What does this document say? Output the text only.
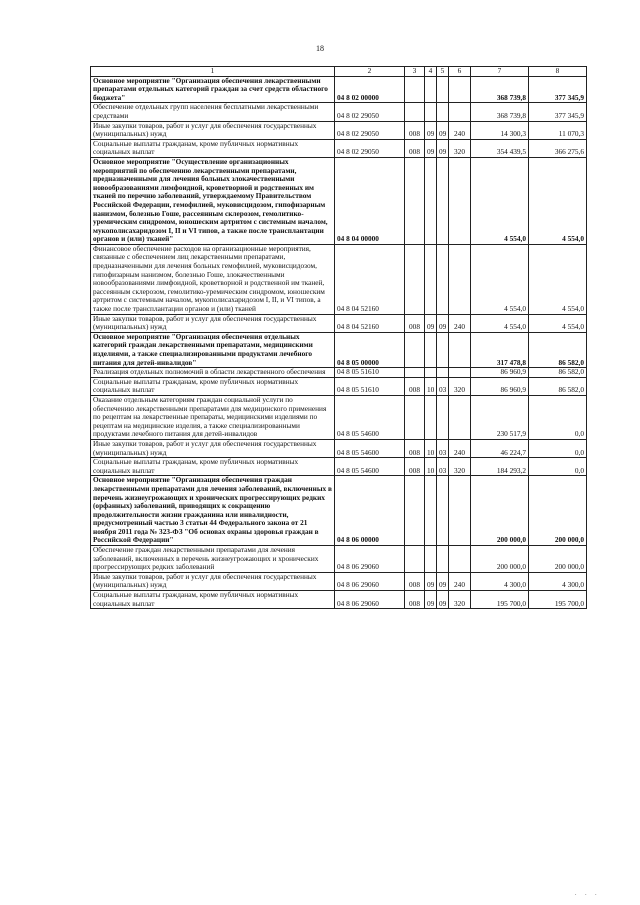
18
1	2	3	4	5	6	7	8
Основное мероприятие "Организация обеспечения лекарственными препаратами отдельных категорий граждан за счет средств областного бюджета"	04 8 02 00000					368 739,8	377 345,9
Обеспечение отдельных групп населения бесплатными лекарственными средствами	04 8 02 29050					368 739,8	377 345,9
Иные закупки товаров, работ и услуг для обеспечения государственных (муниципальных) нужд	04 8 02 29050	008	09	09	240	14 300,3	11 070,3
Социальные выплаты гражданам, кроме публичных нормативных социальных выплат	04 8 02 29050	008	09	09	320	354 439,5	366 275,6
Основное мероприятие "Осуществление организационных мероприятий по обеспечению лекарственными препаратами, предназначенными для лечения больных злокачественными новообразованиями лимфоидной, кроветворной и родственных им тканей по перечню заболеваний, утверждаемому Правительством Российской Федерации, гемофилией, муковисцидозом, гипофизарным нанизмом, болезнью Гоше, рассеянным склерозом, гемолитико-уремическим синдромом, юношеским артритом с системным началом, мукополисахаридозом I, II и VI типов, а также после трансплантации органов и (или) тканей"	04 8 04 00000					4 554,0	4 554,0
Финансовое обеспечение расходов на организационные мероприятия, связанные с обеспечением лиц лекарственными препаратами, предназначенными для лечения больных гемофилией, муковисцидозом, гипофизарным нанизмом, болезнью Гоше, злокачественными новообразованиями лимфоидной, кроветворной и родственной им тканей, рассеянным склерозом, гемолитико-уремическим синдромом, юношеским артритом с системным началом, мукополисахаридозом I, II, и VI типов, а также после трансплантации органов и (или) тканей	04 8 04 52160					4 554,0	4 554,0
Иные закупки товаров, работ и услуг для обеспечения государственных (муниципальных) нужд	04 8 04 52160	008	09	09	240	4 554,0	4 554,0
Основное мероприятие "Организация обеспечения отдельных категорий граждан лекарственными препаратами, медицинскими изделиями, а также специализированными продуктами лечебного питания для детей-инвалидов"	04 8 05 00000					317 478,8	86 582,0
Реализация отдельных полномочий в области лекарственного обеспечения	04 8 05 51610					86 960,9	86 582,0
Социальные выплаты гражданам, кроме публичных нормативных социальных выплат	04 8 05 51610	008	10	03	320	86 960,9	86 582,0
Оказание отдельным категориям граждан социальной услуги по обеспечению лекарственными препаратами для медицинского применения по рецептам на лекарственные препараты, медицинскими изделиями по рецептам на медицинские изделия, а также специализированными продуктами лечебного питания для детей-инвалидов	04 8 05 54600					230 517,9	0,0
Иные закупки товаров, работ и услуг для обеспечения государственных (муниципальных) нужд	04 8 05 54600	008	10	03	240	46 224,7	0,0
Социальные выплаты гражданам, кроме публичных нормативных социальных выплат	04 8 05 54600	008	10	03	320	184 293,2	0,0
Основное мероприятие "Организация обеспечения граждан лекарственными препаратами для лечения заболеваний, включенных в перечень жизнеугрожающих и хронических прогрессирующих редких (орфанных) заболеваний, приводящих к сокращению продолжительности жизни гражданина или инвалидности, предусмотренный частью 3 статьи 44 Федерального закона от 21 ноября 2011 года № 323-ФЗ "Об основах охраны здоровья граждан в Российской Федерации"	04 8 06 00000					200 000,0	200 000,0
Обеспечение граждан лекарственными препаратами для лечения заболеваний, включенных в перечень жизнеугрожающих и хронических прогрессирующих редких заболеваний	04 8 06 29060					200 000,0	200 000,0
Иные закупки товаров, работ и услуг для обеспечения государственных (муниципальных) нужд	04 8 06 29060	008	09	09	240	4 300,0	4 300,0
Социальные выплаты гражданам, кроме публичных нормативных социальных выплат	04 8 06 29060	008	09	09	320	195 700,0	195 700,0
· · ·
